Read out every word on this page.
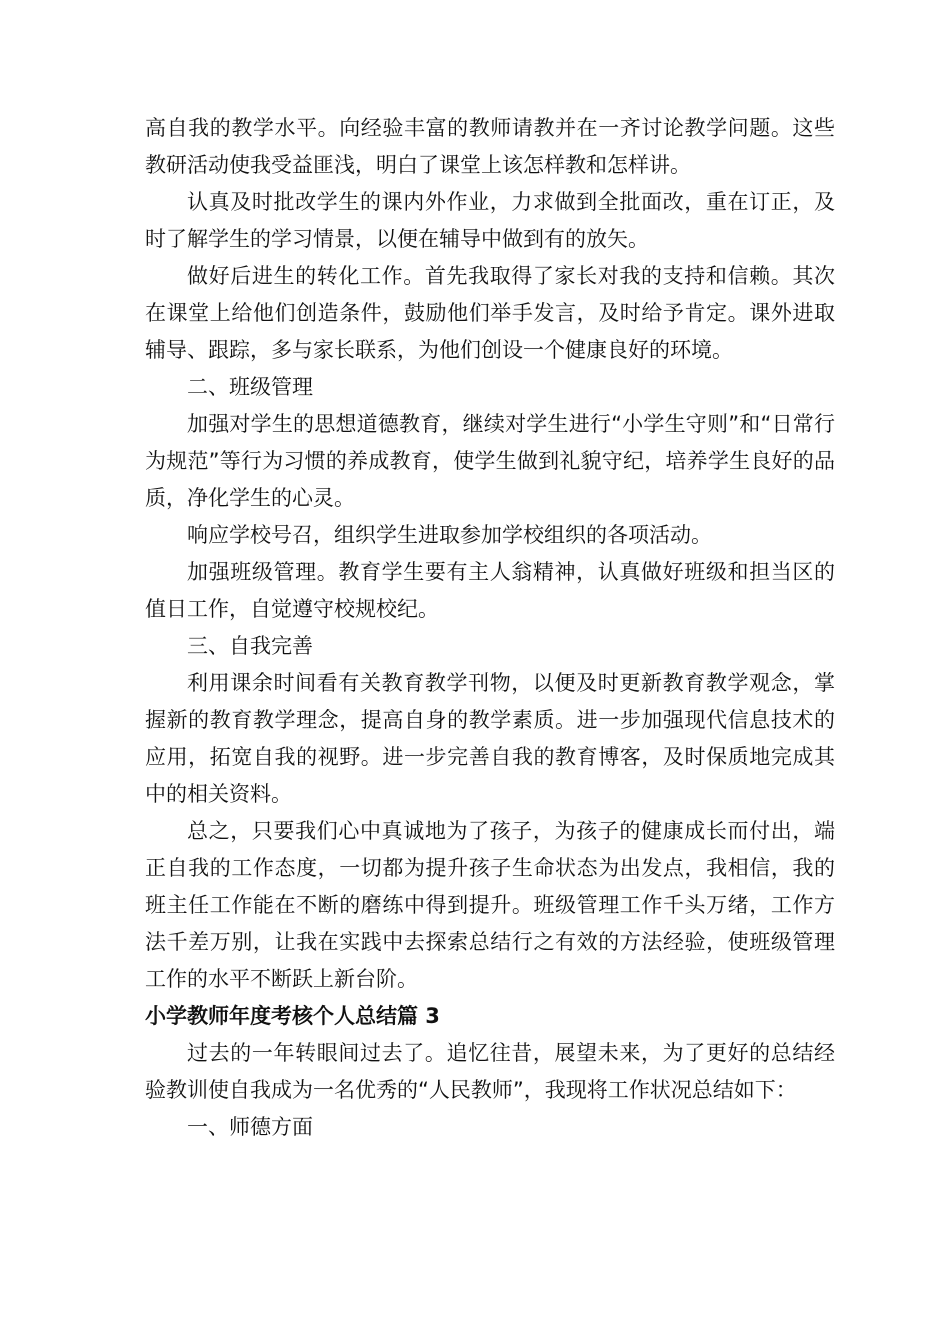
高自我的教学水平。向经验丰富的教师请教并在一齐讨论教学问题。这些教研活动使我受益匪浅，明白了课堂上该怎样教和怎样讲。

认真及时批改学生的课内外作业，力求做到全批面改，重在订正，及时了解学生的学习情景，以便在辅导中做到有的放矢。

做好后进生的转化工作。首先我取得了家长对我的支持和信赖。其次在课堂上给他们创造条件，鼓励他们举手发言，及时给予肯定。课外进取辅导、跟踪，多与家长联系，为他们创设一个健康良好的环境。

二、班级管理

加强对学生的思想道德教育，继续对学生进行“小学生守则”和“日常行为规范”等行为习惯的养成教育，使学生做到礼貌守纪，培养学生良好的品质，净化学生的心灵。

响应学校号召，组织学生进取参加学校组织的各项活动。

加强班级管理。教育学生要有主人翁精神，认真做好班级和担当区的值日工作，自觉遵守校规校纪。

三、自我完善

利用课余时间看有关教育教学刊物，以便及时更新教育教学观念，掌握新的教育教学理念，提高自身的教学素质。进一步加强现代信息技术的应用，拓宽自我的视野。进一步完善自我的教育博客，及时保质地完成其中的相关资料。

总之，只要我们心中真诚地为了孩子，为孩子的健康成长而付出，端正自我的工作态度，一切都为提升孩子生命状态为出发点，我相信，我的班主任工作能在不断的磨练中得到提升。班级管理工作千头万绪，工作方法千差万别，让我在实践中去探索总结行之有效的方法经验，使班级管理工作的水平不断跃上新台阶。

小学教师年度考核个人总结篇 3

过去的一年转眼间过去了。追忆往昔，展望未来，为了更好的总结经验教训使自我成为一名优秀的“人民教师”，我现将工作状况总结如下：

一、师德方面
